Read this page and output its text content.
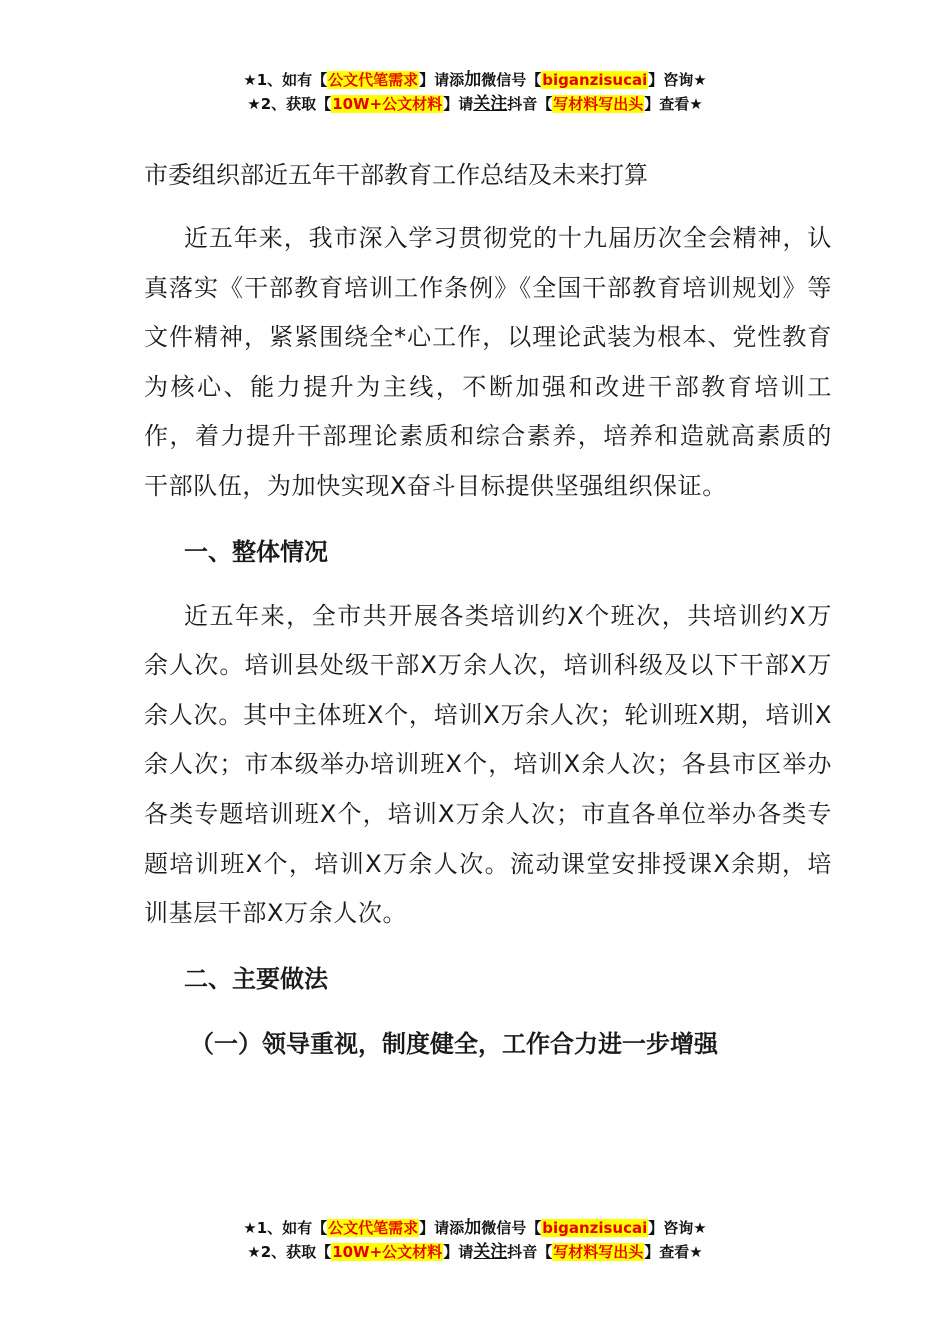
★1、如有【公文代笔需求】请添加微信号【biganzisucai】咨询★
★2、获取【10W+公文材料】请关注抖音【写材料写出头】查看★
市委组织部近五年干部教育工作总结及未来打算

近五年来，我市深入学习贯彻党的十九届历次全会精神，认真落实《干部教育培训工作条例》《全国干部教育培训规划》等文件精神，紧紧围绕全*心工作，以理论武装为根本、党性教育为核心、能力提升为主线，不断加强和改进干部教育培训工作，着力提升干部理论素质和综合素养，培养和造就高素质的干部队伍，为加快实现X奋斗目标提供坚强组织保证。

一、整体情况

近五年来，全市共开展各类培训约X个班次，共培训约X万余人次。培训县处级干部X万余人次，培训科级及以下干部X万余人次。其中主体班X个，培训X万余人次；轮训班X期，培训X余人次；市本级举办培训班X个，培训X余人次；各县市区举办各类专题培训班X个，培训X万余人次；市直各单位举办各类专题培训班X个，培训X万余人次。流动课堂安排授课X余期，培训基层干部X万余人次。

二、主要做法
（一）领导重视，制度健全，工作合力进一步增强
★1、如有【公文代笔需求】请添加微信号【biganzisucai】咨询★
★2、获取【10W+公文材料】请关注抖音【写材料写出头】查看★
